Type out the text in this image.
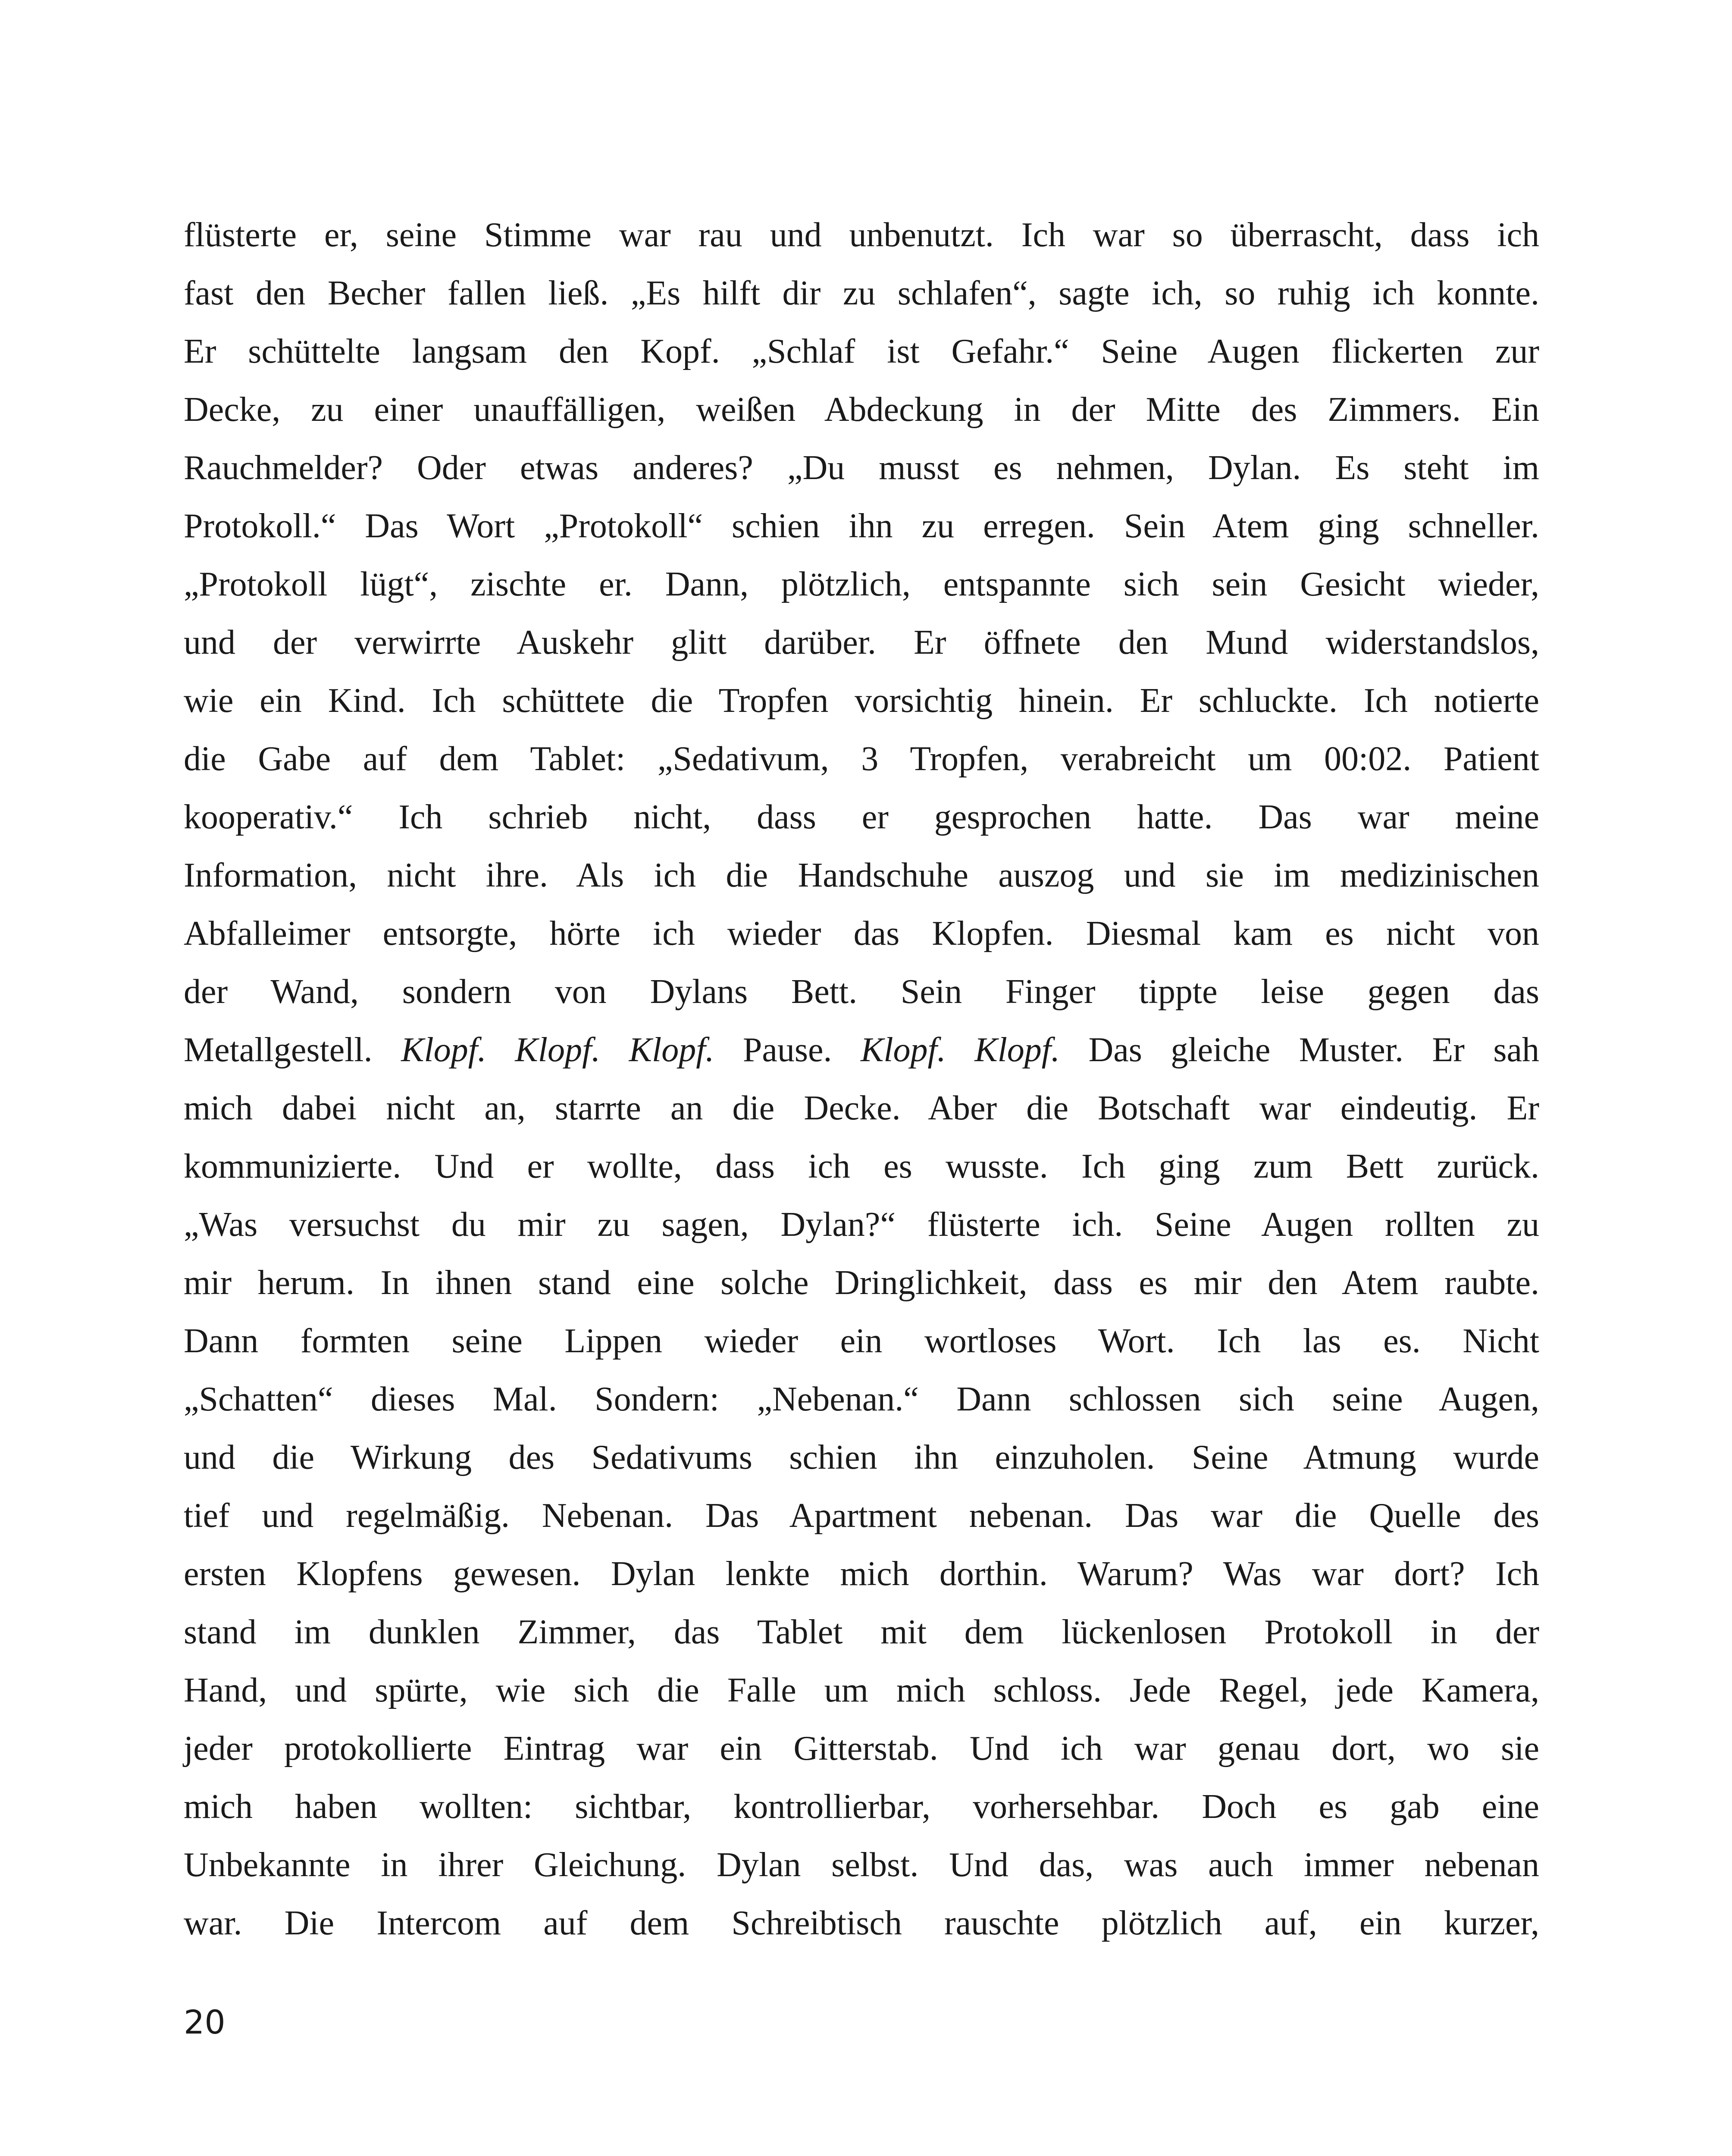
flüsterte er, seine Stimme war rau und unbenutzt. Ich war so überrascht, dass ich
fast den Becher fallen ließ. „Es hilft dir zu schlafen“, sagte ich, so ruhig ich konnte.
Er schüttelte langsam den Kopf. „Schlaf ist Gefahr.“ Seine Augen flickerten zur
Decke, zu einer unauffälligen, weißen Abdeckung in der Mitte des Zimmers. Ein
Rauchmelder? Oder etwas anderes? „Du musst es nehmen, Dylan. Es steht im
Protokoll.“ Das Wort „Protokoll“ schien ihn zu erregen. Sein Atem ging schneller.
„Protokoll lügt“, zischte er. Dann, plötzlich, entspannte sich sein Gesicht wieder,
und der verwirrte Auskehr glitt darüber. Er öffnete den Mund widerstandslos,
wie ein Kind. Ich schüttete die Tropfen vorsichtig hinein. Er schluckte. Ich notierte
die Gabe auf dem Tablet: „Sedativum, 3 Tropfen, verabreicht um 00:02. Patient
kooperativ.“ Ich schrieb nicht, dass er gesprochen hatte. Das war meine
Information, nicht ihre. Als ich die Handschuhe auszog und sie im medizinischen
Abfalleimer entsorgte, hörte ich wieder das Klopfen. Diesmal kam es nicht von
der Wand, sondern von Dylans Bett. Sein Finger tippte leise gegen das
Metallgestell. Klopf. Klopf. Klopf. Pause. Klopf. Klopf. Das gleiche Muster. Er sah
mich dabei nicht an, starrte an die Decke. Aber die Botschaft war eindeutig. Er
kommunizierte. Und er wollte, dass ich es wusste. Ich ging zum Bett zurück.
„Was versuchst du mir zu sagen, Dylan?“ flüsterte ich. Seine Augen rollten zu
mir herum. In ihnen stand eine solche Dringlichkeit, dass es mir den Atem raubte.
Dann formten seine Lippen wieder ein wortloses Wort. Ich las es. Nicht
„Schatten“ dieses Mal. Sondern: „Nebenan.“ Dann schlossen sich seine Augen,
und die Wirkung des Sedativums schien ihn einzuholen. Seine Atmung wurde
tief und regelmäßig. Nebenan. Das Apartment nebenan. Das war die Quelle des
ersten Klopfens gewesen. Dylan lenkte mich dorthin. Warum? Was war dort? Ich
stand im dunklen Zimmer, das Tablet mit dem lückenlosen Protokoll in der
Hand, und spürte, wie sich die Falle um mich schloss. Jede Regel, jede Kamera,
jeder protokollierte Eintrag war ein Gitterstab. Und ich war genau dort, wo sie
mich haben wollten: sichtbar, kontrollierbar, vorhersehbar. Doch es gab eine
Unbekannte in ihrer Gleichung. Dylan selbst. Und das, was auch immer nebenan
war. Die Intercom auf dem Schreibtisch rauschte plötzlich auf, ein kurzer,
20
